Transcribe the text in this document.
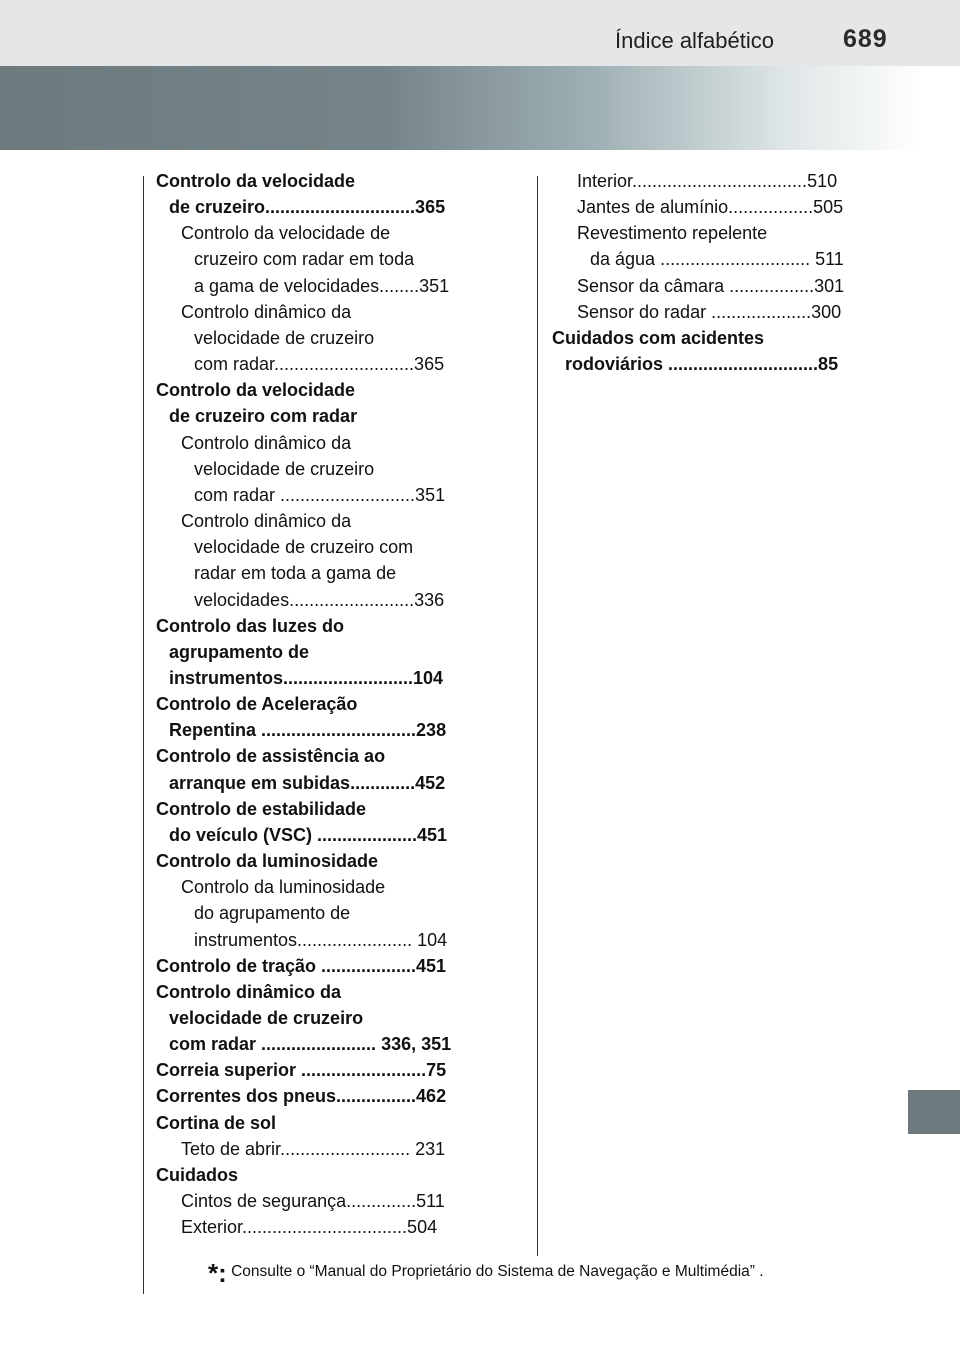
Índice alfabético	689
Controlo da velocidade
de cruzeiro..............................365
Controlo da velocidade de
cruzeiro com radar em toda
a gama de velocidades........351
Controlo dinâmico da
velocidade de cruzeiro
com radar............................365
Controlo da velocidade
de cruzeiro com radar
Controlo dinâmico da
velocidade de cruzeiro
com radar ...........................351
Controlo dinâmico da
velocidade de cruzeiro com
radar em toda a gama de
velocidades.........................336
Controlo das luzes do
agrupamento de
instrumentos..........................104
Controlo de Aceleração
Repentina ...............................238
Controlo de assistência ao
arranque em subidas.............452
Controlo de estabilidade
do veículo (VSC) ....................451
Controlo da luminosidade
Controlo da luminosidade
do agrupamento de
instrumentos....................... 104
Controlo de tração ...................451
Controlo dinâmico da
velocidade de cruzeiro
com radar ....................... 336, 351
Correia superior .........................75
Correntes dos pneus................462
Cortina de sol
Teto de abrir.......................... 231
Cuidados
Cintos de segurança..............511
Exterior.................................504
Interior...................................510
Jantes de alumínio.................505
Revestimento repelente
da água .............................. 511
Sensor da câmara .................301
Sensor do radar ....................300
Cuidados com acidentes
rodoviários ..............................85
*: Consulte o “Manual do Proprietário do Sistema de Navegação e Multimédia” .
